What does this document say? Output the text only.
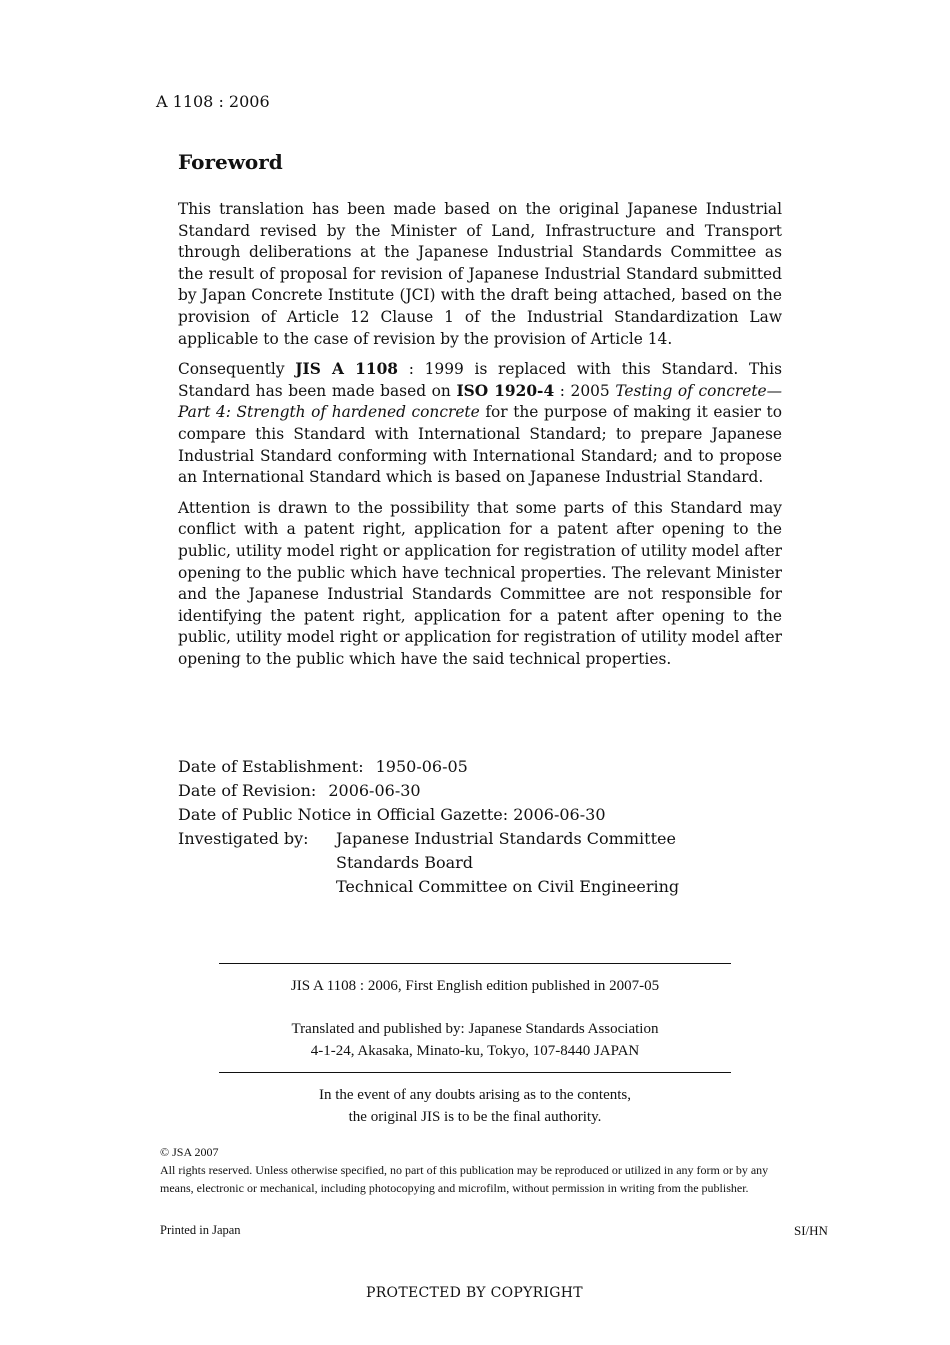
A 1108 : 2006
Foreword

This translation has been made based on the original Japanese Industrial Standard revised by the Minister of Land, Infrastructure and Transport through deliberations at the Japanese Industrial Standards Committee as the result of proposal for revision of Japanese Industrial Standard submitted by Japan Concrete Institute (JCI) with the draft being attached, based on the provision of Article 12 Clause 1 of the Industrial Standardization Law applicable to the case of revision by the provision of Article 14.

Consequently JIS A 1108 : 1999 is replaced with this Standard. This Standard has been made based on ISO 1920-4 : 2005 Testing of concrete—Part 4: Strength of hardened concrete for the purpose of making it easier to compare this Standard with International Standard; to prepare Japanese Industrial Standard conforming with International Standard; and to propose an International Standard which is based on Japanese Industrial Standard.

Attention is drawn to the possibility that some parts of this Standard may conflict with a patent right, application for a patent after opening to the public, utility model right or application for registration of utility model after opening to the public which have technical properties. The relevant Minister and the Japanese Industrial Standards Committee are not responsible for identifying the patent right, application for a patent after opening to the public, utility model right or application for registration of utility model after opening to the public which have the said technical properties.

Date of Establishment: 1950-06-05
Date of Revision: 2006-06-30
Date of Public Notice in Official Gazette: 2006-06-30
Investigated by:	Japanese Industrial Standards Committee
Standards Board
Technical Committee on Civil Engineering
JIS A 1108 : 2006, First English edition published in 2007-05
Translated and published by: Japanese Standards Association
4-1-24, Akasaka, Minato-ku, Tokyo, 107-8440 JAPAN
In the event of any doubts arising as to the contents,
the original JIS is to be the final authority.
© JSA 2007
All rights reserved. Unless otherwise specified, no part of this publication may be reproduced or utilized in any form or by any means, electronic or mechanical, including photocopying and microfilm, without permission in writing from the publisher.
Printed in Japan	SI/HN
PROTECTED BY COPYRIGHT
